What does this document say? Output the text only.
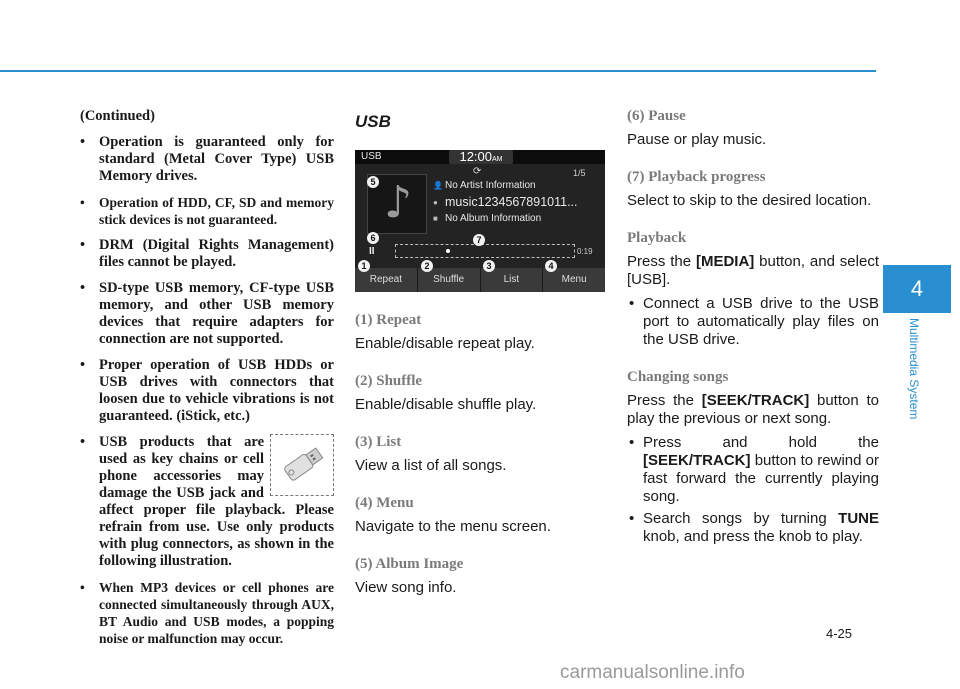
(Continued)

• Operation is guaranteed only for standard (Metal Cover Type) USB Memory drives.
• Operation of HDD, CF, SD and memory stick devices is not guaranteed.
• DRM (Digital Rights Management) files cannot be played.
• SD-type USB memory, CF-type USB memory, and other USB memory devices that require adapters for connection are not supported.
• Proper operation of USB HDDs or USB drives with connectors that loosen due to vehicle vibrations is not guaranteed. (iStick, etc.)
• USB products that are used as key chains or cell phone accessories may damage the USB jack and affect proper file playback. Please refrain from use. Use only products with plug connectors, as shown in the following illustration.
• When MP3 devices or cell phones are connected simultaneously through AUX, BT Audio and USB modes, a popping noise or malfunction may occur.
USB
USB	12:00AM
♪
⟳	1/5
👤 No Artist Information
● music1234567891011...
■ No Album Information
II	0:19
Repeat	Shuffle	List	Menu
1	2	3	4
5
6	7
(1) Repeat
Enable/disable repeat play.
(2) Shuffle
Enable/disable shuffle play.
(3) List
View a list of all songs.
(4) Menu
Navigate to the menu screen.
(5) Album Image
View song info.
(6) Pause
Pause or play music.
(7) Playback progress
Select to skip to the desired location.
Playback
Press the [MEDIA] button, and select [USB].
• Connect a USB drive to the USB port to automatically play files on the USB drive.
Changing songs
Press the [SEEK/TRACK] button to play the previous or next song.
• Press and hold the [SEEK/TRACK] button to rewind or fast forward the currently playing song.
• Search songs by turning TUNE knob, and press the knob to play.
4
Multimedia System
4-25
carmanualsonline.info
